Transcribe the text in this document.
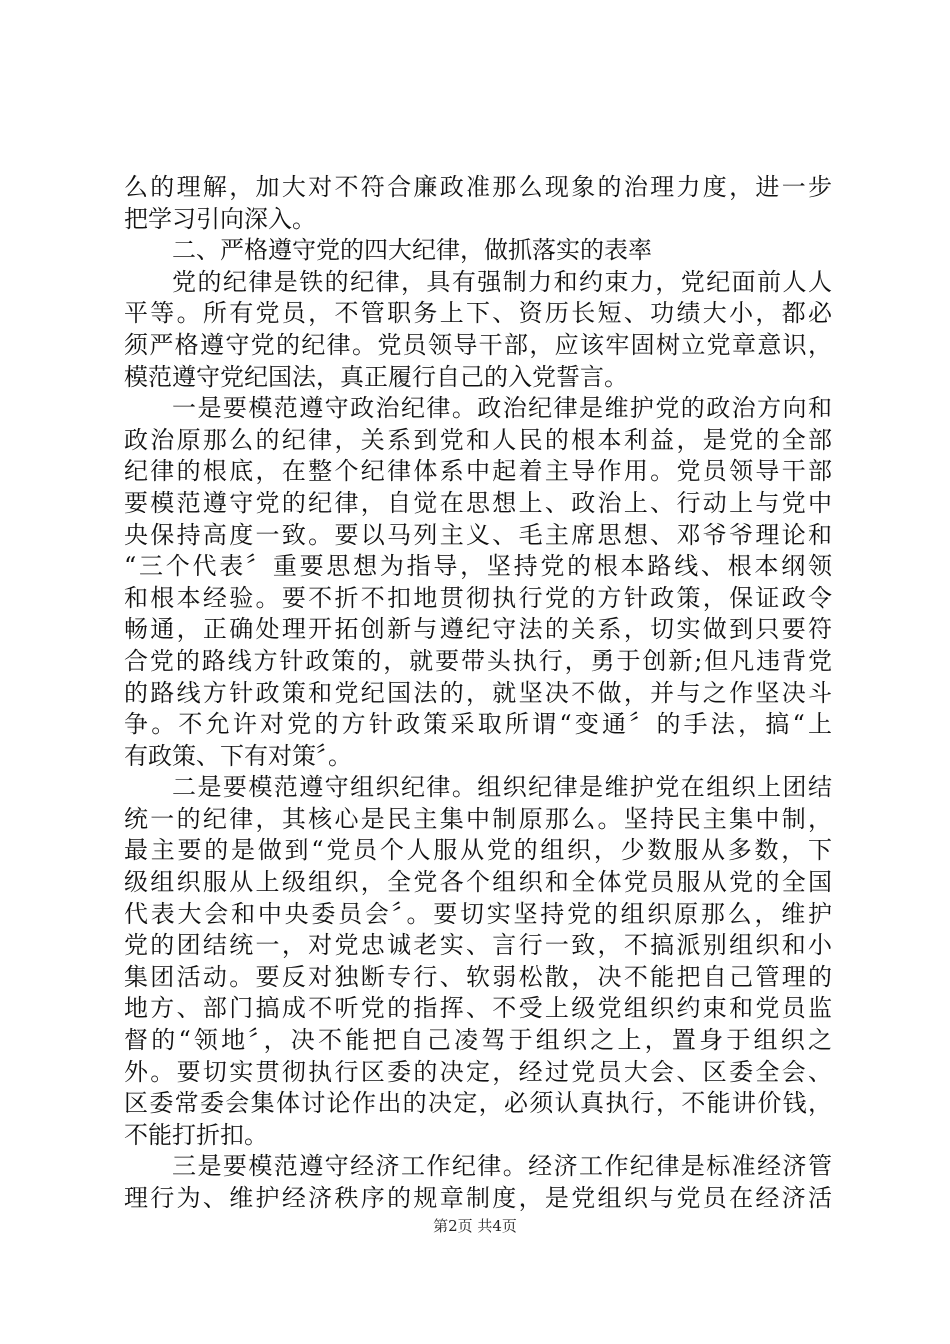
么的理解，加大对不符合廉政准那么现象的治理力度，进一步
把学习引向深入。
二、严格遵守党的四大纪律，做抓落实的表率
党的纪律是铁的纪律，具有强制力和约束力，党纪面前人人
平等。所有党员，不管职务上下、资历长短、功绩大小，都必
须严格遵守党的纪律。党员领导干部，应该牢固树立党章意识，
模范遵守党纪国法，真正履行自己的入党誓言。
一是要模范遵守政治纪律。政治纪律是维护党的政治方向和
政治原那么的纪律，关系到党和人民的根本利益，是党的全部
纪律的根底，在整个纪律体系中起着主导作用。党员领导干部
要模范遵守党的纪律，自觉在思想上、政治上、行动上与党中
央保持高度一致。要以马列主义、毛主席思想、邓爷爷理论和
“三个代表〞重要思想为指导，坚持党的根本路线、根本纲领
和根本经验。要不折不扣地贯彻执行党的方针政策，保证政令
畅通，正确处理开拓创新与遵纪守法的关系，切实做到只要符
合党的路线方针政策的，就要带头执行，勇于创新;但凡违背党
的路线方针政策和党纪国法的，就坚决不做，并与之作坚决斗
争。不允许对党的方针政策采取所谓“变通〞的手法，搞“上
有政策、下有对策〞。
二是要模范遵守组织纪律。组织纪律是维护党在组织上团结
统一的纪律，其核心是民主集中制原那么。坚持民主集中制，
最主要的是做到“党员个人服从党的组织，少数服从多数，下
级组织服从上级组织，全党各个组织和全体党员服从党的全国
代表大会和中央委员会〞。要切实坚持党的组织原那么，维护
党的团结统一，对党忠诚老实、言行一致，不搞派别组织和小
集团活动。要反对独断专行、软弱松散，决不能把自己管理的
地方、部门搞成不听党的指挥、不受上级党组织约束和党员监
督的“领地〞，决不能把自己凌驾于组织之上，置身于组织之
外。要切实贯彻执行区委的决定，经过党员大会、区委全会、
区委常委会集体讨论作出的决定，必须认真执行，不能讲价钱，
不能打折扣。
三是要模范遵守经济工作纪律。经济工作纪律是标准经济管
理行为、维护经济秩序的规章制度，是党组织与党员在经济活
第2页 共4页
